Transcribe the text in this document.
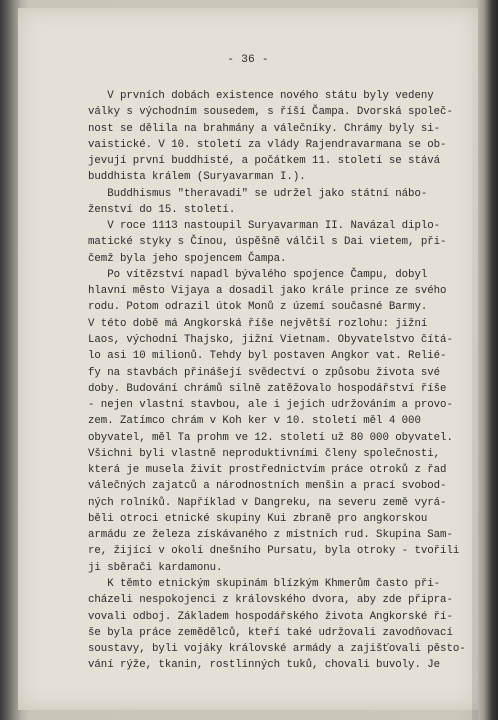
- 36 -
V prvních dobách existence nového státu byly vedeny
války s východním sousedem, s říší Čampa. Dvorská společ-
nost se dělila na brahmány a válečníky. Chrámy byly si-
vaistické. V 10. století za vlády Rajendravarmana se ob-
jevují první buddhisté, a počátkem 11. století se stává
buddhista králem (Suryavarman I.).
Buddhismus "theravadi" se udržel jako státní nábo-
ženství do 15. století.
V roce 1113 nastoupil Suryavarman II. Navázal diplo-
matické styky s Čínou, úspěšně válčil s Dai vietem, při-
čemž byla jeho spojencem Čampa.
Po vítězství napadl bývalého spojence Čampu, dobyl
hlavní město Vijaya a dosadil jako krále prince ze svého
rodu. Potom odrazil útok Monů z území současné Barmy.
V této době má Angkorská říše největší rozlohu: jižní
Laos, východní Thajsko, jižní Vietnam. Obyvatelstvo čítá-
lo asi 10 milionů. Tehdy byl postaven Angkor vat. Relié-
fy na stavbách přinášejí svědectví o způsobu života své
doby. Budování chrámů silně zatěžovalo hospodářství říše
- nejen vlastní stavbou, ale i jejich udržováním a provo-
zem. Zatímco chrám v Koh ker v 10. století měl 4 000
obyvatel, měl Ta prohm ve 12. století už 80 000 obyvatel.
Všichni byli vlastně neproduktivními členy společnosti,
která je musela živit prostřednictvím práce otroků z řad
válečných zajatců a národnostních menšin a prací svobod-
ných rolníků. Například v Dangreku, na severu země vyrá-
běli otroci etnické skupiny Kui zbraně pro angkorskou
armádu ze železa získávaného z místních rud. Skupina Sam-
re, žijící v okolí dnešního Pursatu, byla otroky - tvořili
ji sběrači kardamonu.
K těmto etnickým skupinám blízkým Khmerům často při-
cházeli nespokojenci z královského dvora, aby zde připra-
vovali odboj. Základem hospodářského života Angkorské ří-
še byla práce zemědělců, kteří také udržovali zavodňovací
soustavy, byli vojáky královské armády a zajišťovali pěsto-
vání rýže, tkanin, rostlinných tuků, chovali buvoly. Je
